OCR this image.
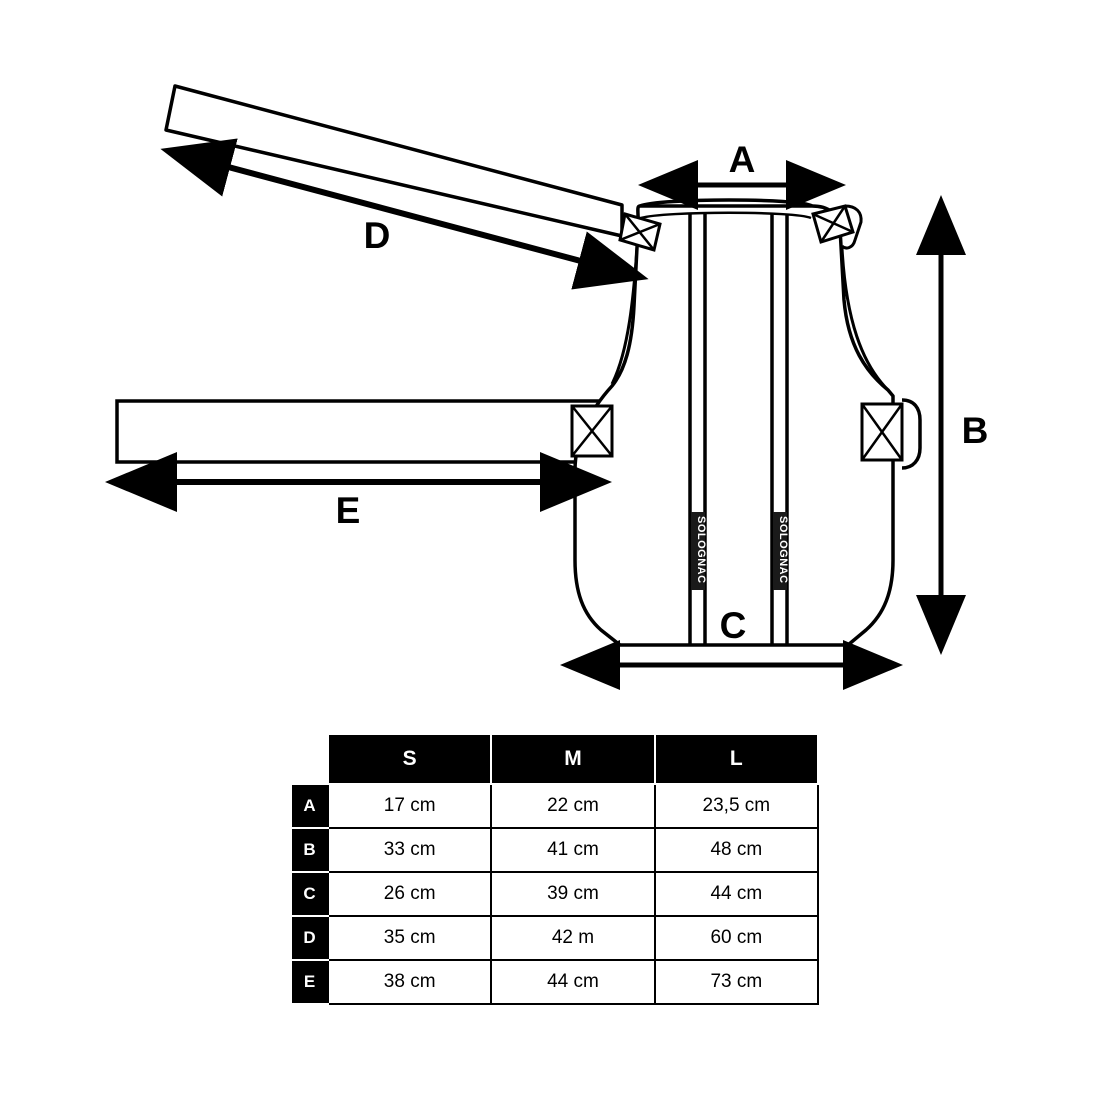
SOLOGNAC	SOLOGNAC
A
B
C
D
E
	S	M	L
A	17 cm	22 cm	23,5 cm
B	33 cm	41 cm	48 cm
C	26 cm	39 cm	44 cm
D	35 cm	42 m	60 cm
E	38 cm	44 cm	73 cm
